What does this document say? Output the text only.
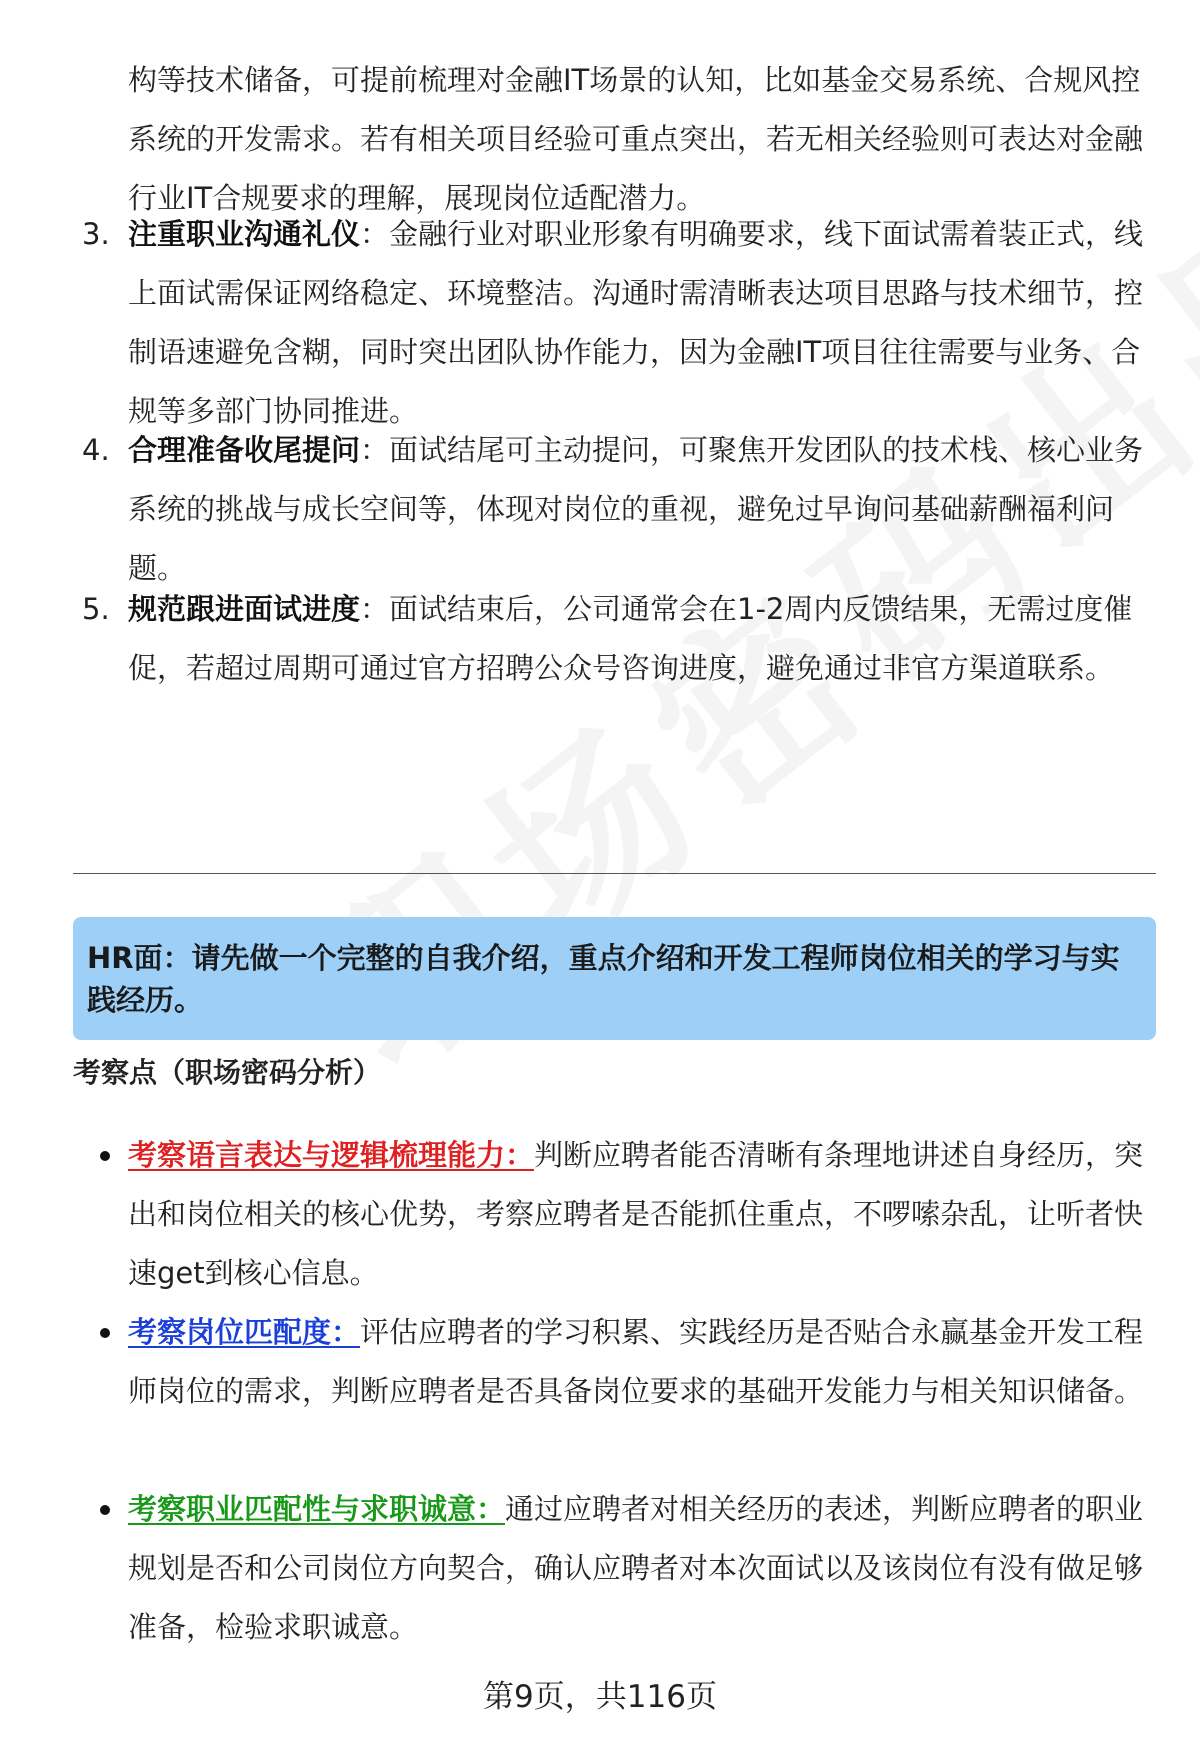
构等技术储备，可提前梳理对金融IT场景的认知，比如基金交易系统、合规风控系统的开发需求。若有相关项目经验可重点突出，若无相关经验则可表达对金融行业IT合规要求的理解，展现岗位适配潜力。

3. 注重职业沟通礼仪：金融行业对职业形象有明确要求，线下面试需着装正式，线上面试需保证网络稳定、环境整洁。沟通时需清晰表达项目思路与技术细节，控制语速避免含糊，同时突出团队协作能力，因为金融IT项目往往需要与业务、合规等多部门协同推进。
4. 合理准备收尾提问：面试结尾可主动提问，可聚焦开发团队的技术栈、核心业务系统的挑战与成长空间等，体现对岗位的重视，避免过早询问基础薪酬福利问题。
5. 规范跟进面试进度：面试结束后，公司通常会在1-2周内反馈结果，无需过度催促，若超过周期可通过官方招聘公众号咨询进度，避免通过非官方渠道联系。

HR面：请先做一个完整的自我介绍，重点介绍和开发工程师岗位相关的学习与实践经历。

考察点（职场密码分析）
考察语言表达与逻辑梳理能力：判断应聘者能否清晰有条理地讲述自身经历，突出和岗位相关的核心优势，考察应聘者是否能抓住重点，不啰嗦杂乱，让听者快速get到核心信息。
考察岗位匹配度：评估应聘者的学习积累、实践经历是否贴合永赢基金开发工程师岗位的需求，判断应聘者是否具备岗位要求的基础开发能力与相关知识储备。
考察职业匹配性与求职诚意：通过应聘者对相关经历的表述，判断应聘者的职业规划是否和公司岗位方向契合，确认应聘者对本次面试以及该岗位有没有做足够准备，检验求职诚意。
第9页，共116页
